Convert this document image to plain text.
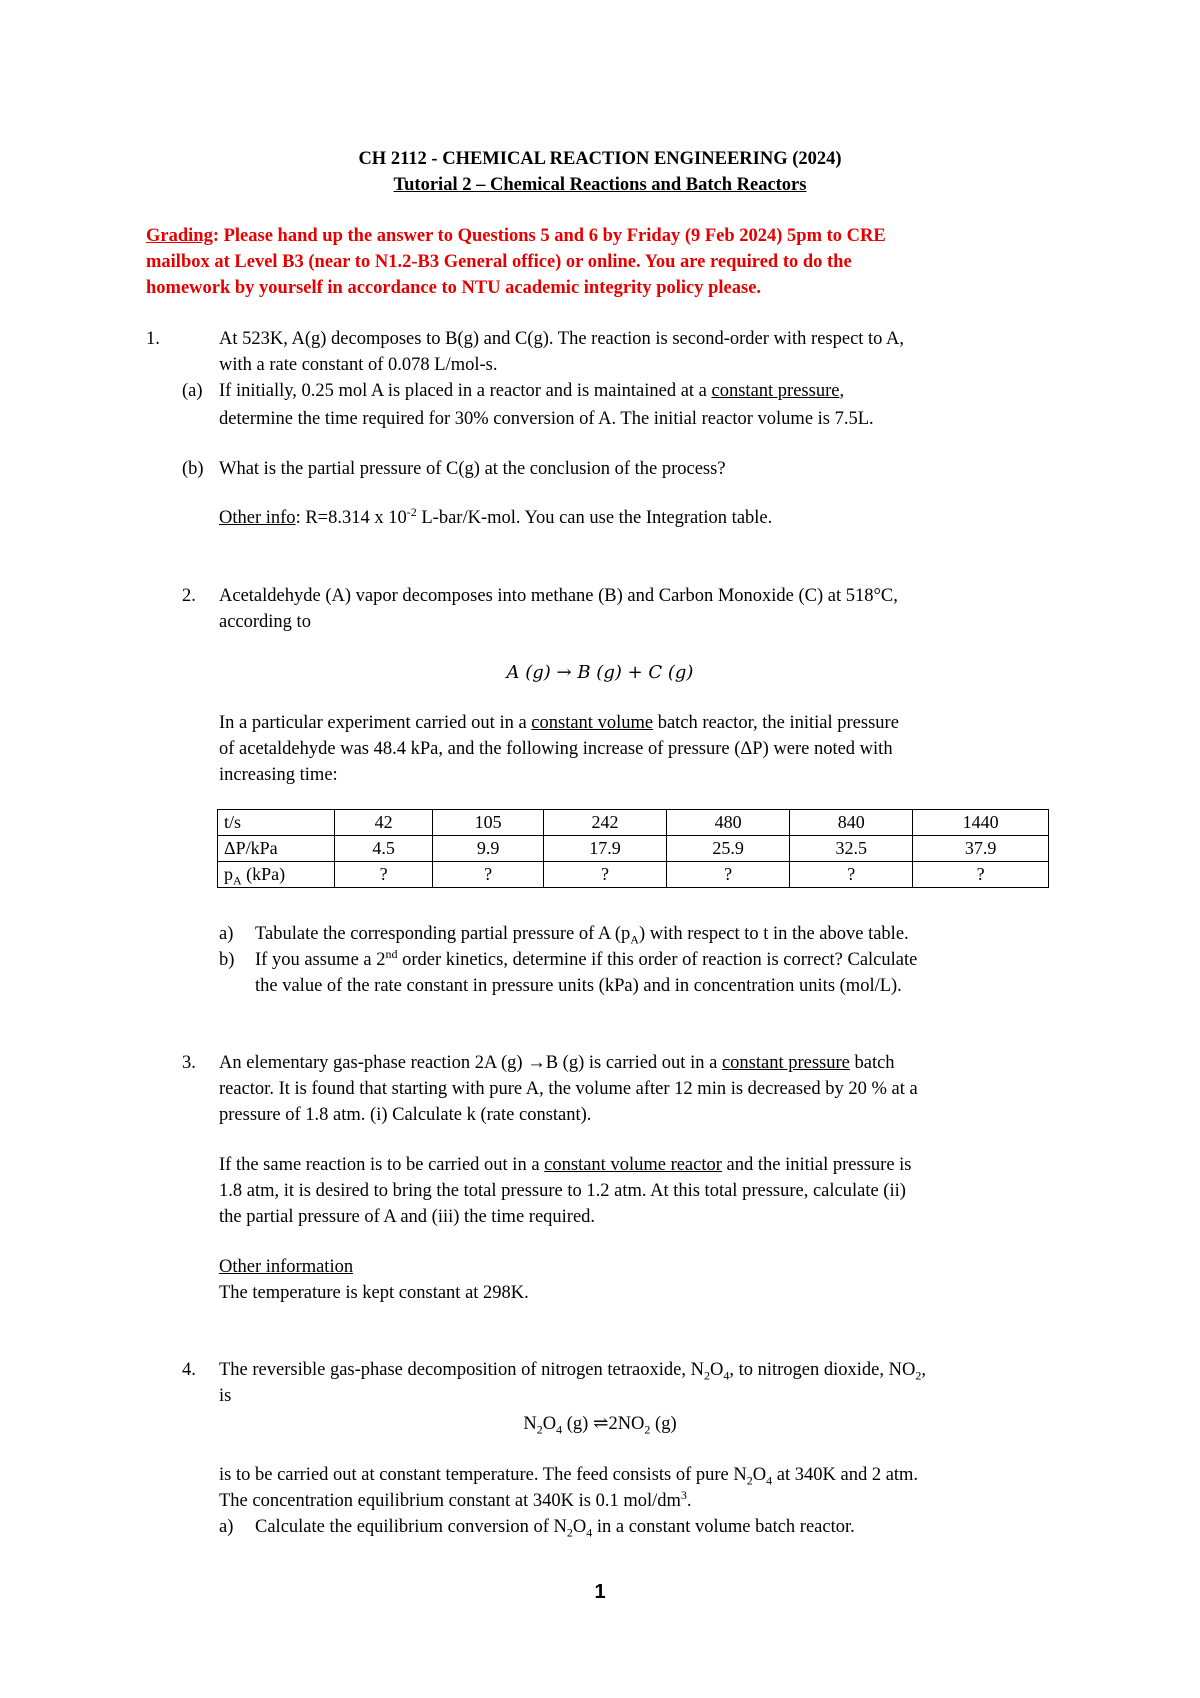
CH 2112 - CHEMICAL REACTION ENGINEERING (2024)
Tutorial 2 – Chemical Reactions and Batch Reactors
Grading: Please hand up the answer to Questions 5 and 6 by Friday (9 Feb 2024) 5pm to CRE
mailbox at Level B3 (near to N1.2-B3 General office) or online. You are required to do the
homework by yourself in accordance to NTU academic integrity policy please.
1.	At 523K, A(g) decomposes to B(g) and C(g). The reaction is second-order with respect to A,
with a rate constant of 0.078 L/mol-s.
(a) If initially, 0.25 mol A is placed in a reactor and is maintained at a constant pressure,
determine the time required for 30% conversion of A. The initial reactor volume is 7.5L.
(b) What is the partial pressure of C(g) at the conclusion of the process?
Other info: R=8.314 x $10^{-2}$ L-bar/K-mol. You can use the Integration table.
2. Acetaldehyde (A) vapor decomposes into methane (B) and Carbon Monoxide (C) at 518°C,
according to
A (g) → B (g) + C (g)
In a particular experiment carried out in a constant volume batch reactor, the initial pressure
of acetaldehyde was 48.4 kPa, and the following increase of pressure (ΔP) were noted with
increasing time:
t/s	42	105	242	480	840	1440
ΔP/kPa	4.5	9.9	17.9	25.9	32.5	37.9
$p_A$ (kPa)	?	?	?	?	?	?
a) Tabulate the corresponding partial pressure of A $(p_A)$ with respect to t in the above table.
b) If you assume a 2nd order kinetics, determine if this order of reaction is correct? Calculate
the value of the rate constant in pressure units (kPa) and in concentration units (mol/L).
3. An elementary gas-phase reaction 2A (g) →B (g) is carried out in a constant pressure batch
reactor. It is found that starting with pure A, the volume after 12 min is decreased by 20 % at a
pressure of 1.8 atm. (i) Calculate k (rate constant).
If the same reaction is to be carried out in a constant volume reactor and the initial pressure is
1.8 atm, it is desired to bring the total pressure to 1.2 atm. At this total pressure, calculate (ii)
the partial pressure of A and (iii) the time required.
Other information
The temperature is kept constant at 298K.
4. The reversible gas-phase decomposition of nitrogen tetraoxide, $N_2O_4$, to nitrogen dioxide, $NO_2$,
is
$N_2O_4$ (g) $\rightleftharpoons 2NO_2$ (g)
is to be carried out at constant temperature. The feed consists of pure $N_2O_4$ at 340K and 2 atm.
The concentration equilibrium constant at 340K is 0.1 mol/$dm^3$.
a) Calculate the equilibrium conversion of $N_2O_4$ in a constant volume batch reactor.
1
